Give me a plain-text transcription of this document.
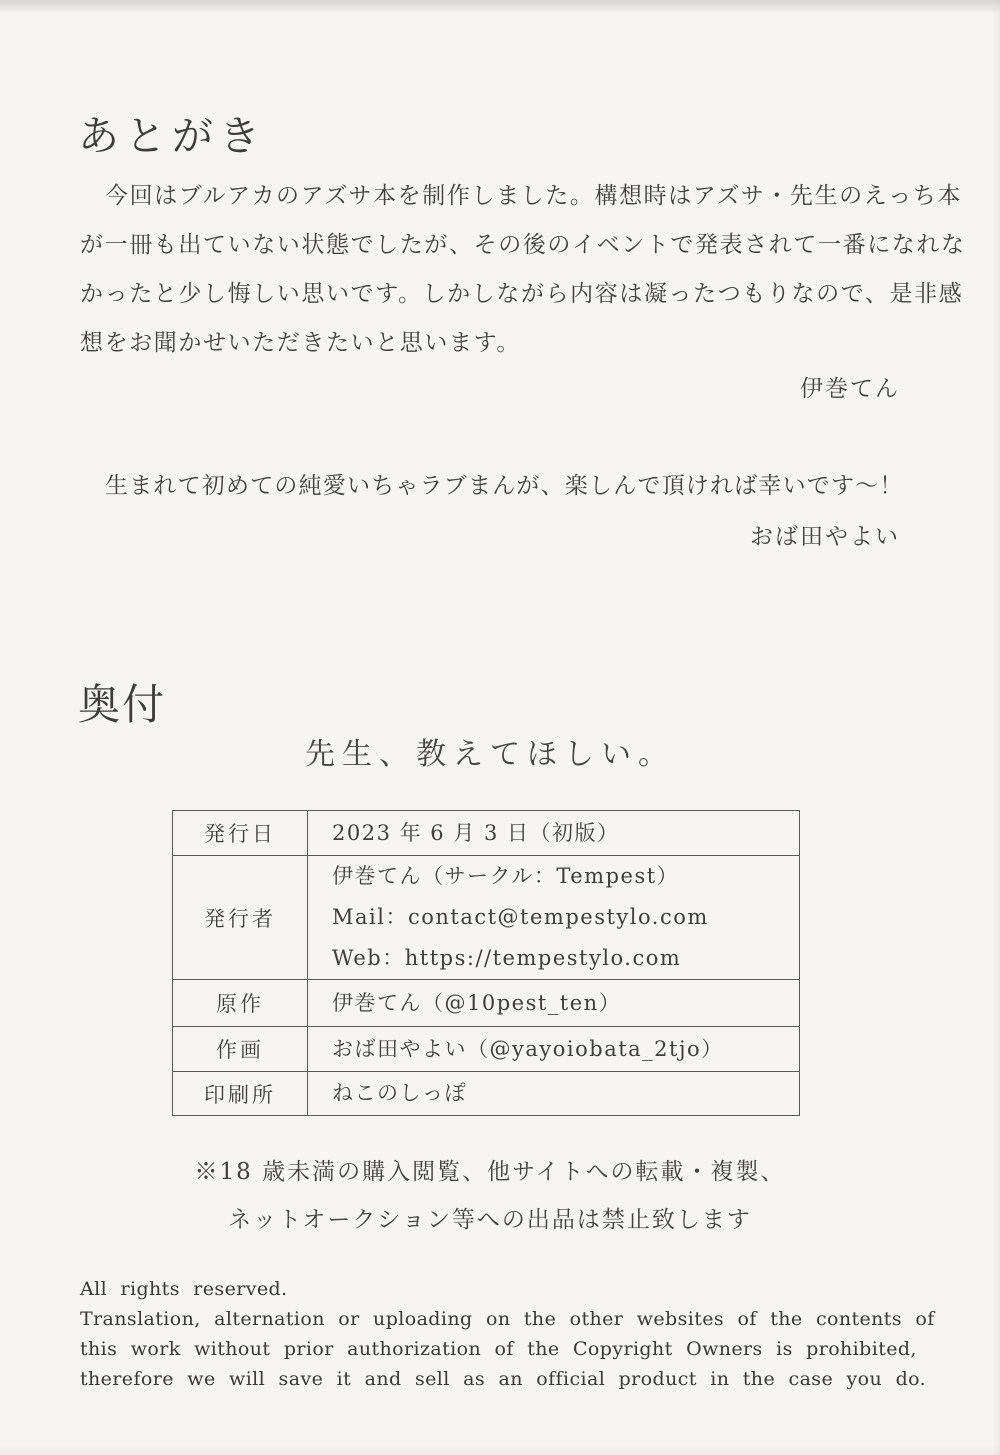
あとがき
今回はブルアカのアズサ本を制作しました。構想時はアズサ・先生のえっち本
が一冊も出ていない状態でしたが、その後のイベントで発表されて一番になれな
かったと少し悔しい思いです。しかしながら内容は凝ったつもりなので、是非感
想をお聞かせいただきたいと思います。
伊巻てん
生まれて初めての純愛いちゃラブまんが、楽しんで頂ければ幸いです～！
おば田やよい
奥付
先生、教えてほしい。
発行日	2023 年 6 月 3 日（初版）

発行者	伊巻てん（サークル：Tempest）
Mail：contact@tempestylo.com
Web：https://tempestylo.com

原作	伊巻てん（@10pest_ten）

作画	おば田やよい（@yayoiobata_2tjo）

印刷所	ねこのしっぽ
※18 歳未満の購入閲覧、他サイトへの転載・複製、
ネットオークション等への出品は禁止致します
All rights reserved.
Translation, alternation or uploading on the other websites of the contents of
this work without prior authorization of the Copyright Owners is prohibited,
therefore we will save it and sell as an official product in the case you do.
